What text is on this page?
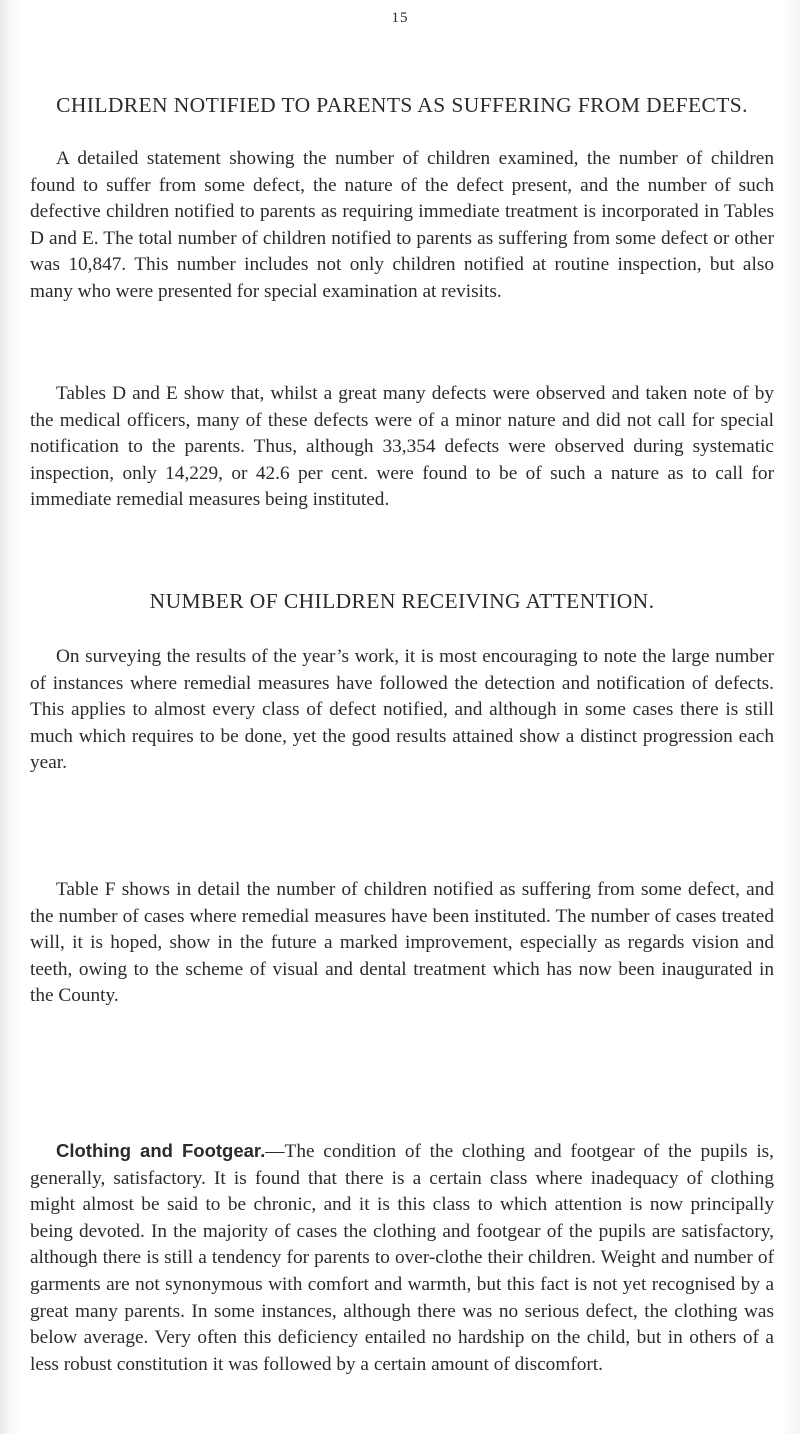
15
CHILDREN NOTIFIED TO PARENTS AS SUFFERING FROM DEFECTS.

A detailed statement showing the number of children examined, the number of children found to suffer from some defect, the nature of the defect present, and the number of such defective children notified to parents as requiring immediate treatment is incorporated in Tables D and E. The total number of children notified to parents as suffering from some defect or other was 10,847. This number includes not only children notified at routine inspection, but also many who were presented for special examination at revisits.

Tables D and E show that, whilst a great many defects were observed and taken note of by the medical officers, many of these defects were of a minor nature and did not call for special notification to the parents. Thus, although 33,354 defects were observed during systematic inspection, only 14,229, or 42.6 per cent. were found to be of such a nature as to call for immediate remedial measures being instituted.

NUMBER OF CHILDREN RECEIVING ATTENTION.

On surveying the results of the year’s work, it is most encouraging to note the large number of instances where remedial measures have followed the detection and notification of defects. This applies to almost every class of defect notified, and although in some cases there is still much which requires to be done, yet the good results attained show a distinct progression each year.

Table F shows in detail the number of children notified as suffering from some defect, and the number of cases where remedial measures have been instituted. The number of cases treated will, it is hoped, show in the future a marked improvement, especially as regards vision and teeth, owing to the scheme of visual and dental treatment which has now been inaugurated in the County.

Clothing and Footgear.—The condition of the clothing and footgear of the pupils is, generally, satisfactory. It is found that there is a certain class where inadequacy of clothing might almost be said to be chronic, and it is this class to which attention is now principally being devoted. In the majority of cases the clothing and footgear of the pupils are satisfactory, although there is still a tendency for parents to over-clothe their children. Weight and number of garments are not synonymous with comfort and warmth, but this fact is not yet recognised by a great many parents. In some instances, although there was no serious defect, the clothing was below average. Very often this deficiency entailed no hardship on the child, but in others of a less robust constitution it was followed by a certain amount of discomfort.
